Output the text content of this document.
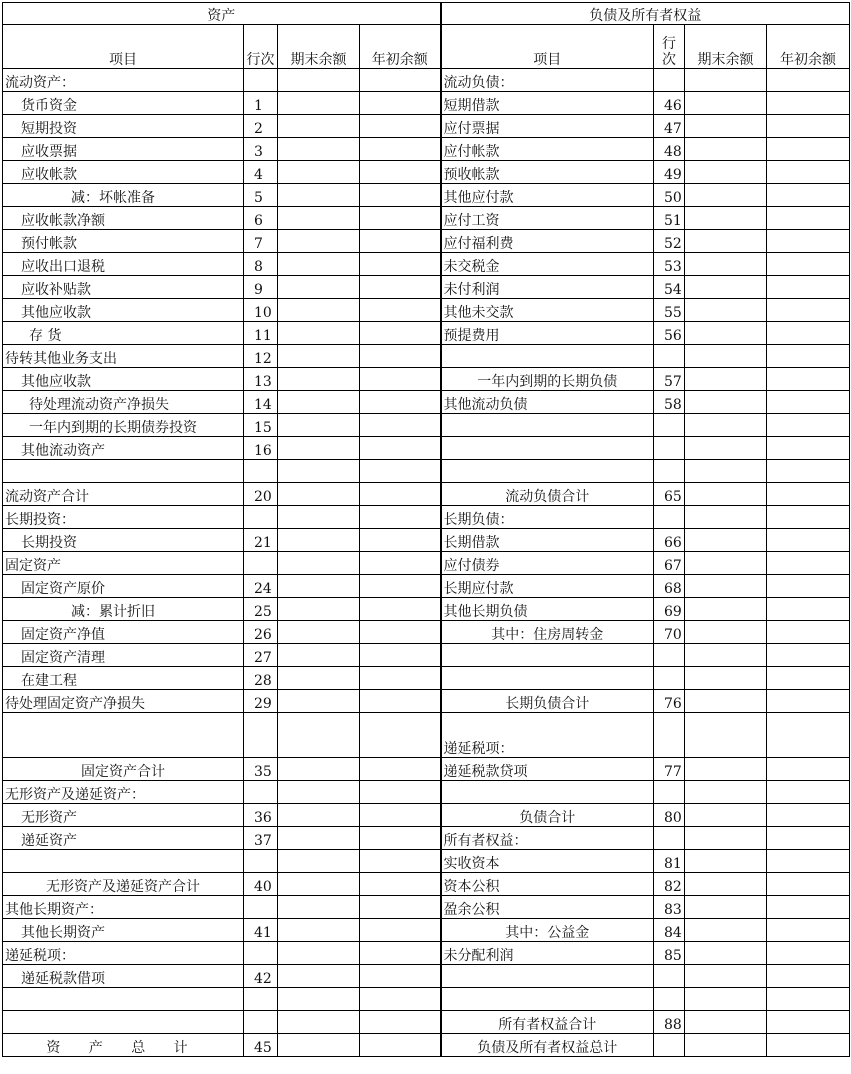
资产				负债及所有者权益			
项目	行次	期末余额	年初余额	项目	行次	期末余额	年初余额
流动资产：				流动负债：			
货币资金	1			短期借款	46		
短期投资	2			应付票据	47		
应收票据	3			应付帐款	48		
应收帐款	4			预收帐款	49		
减：坏帐准备	5			其他应付款	50		
应收帐款净额	6			应付工资	51		
预付帐款	7			应付福利费	52		
应收出口退税	8			未交税金	53		
应收补贴款	9			未付利润	54		
其他应收款	10			其他未交款	55		
存 货	11			预提费用	56		
待转其他业务支出	12						
其他应收款	13			一年内到期的长期负债	57		
待处理流动资产净损失	14			其他流动负债	58		
一年内到期的长期债券投资	15						
其他流动资产	16						

流动资产合计	20			流动负债合计	65		
长期投资：				长期负债：			
长期投资	21			长期借款	66		
固定资产				应付债券	67		
固定资产原价	24			长期应付款	68		
减：累计折旧	25			其他长期负债	69		
固定资产净值	26			其中：住房周转金	70		
固定资产清理	27						
在建工程	28						
待处理固定资产净损失	29			长期负债合计	76		
				递延税项：			
固定资产合计	35			递延税款贷项	77		
无形资产及递延资产：							
无形资产	36			负债合计	80		
递延资产	37			所有者权益：			
				实收资本	81		
无形资产及递延资产合计	40			资本公积	82		
其他长期资产：				盈余公积	83		
其他长期资产	41			其中：公益金	84		
递延税项：				未分配利润	85		
递延税款借项	42						

				所有者权益合计	88		
资 产 总 计	45			负债及所有者权益总计			
